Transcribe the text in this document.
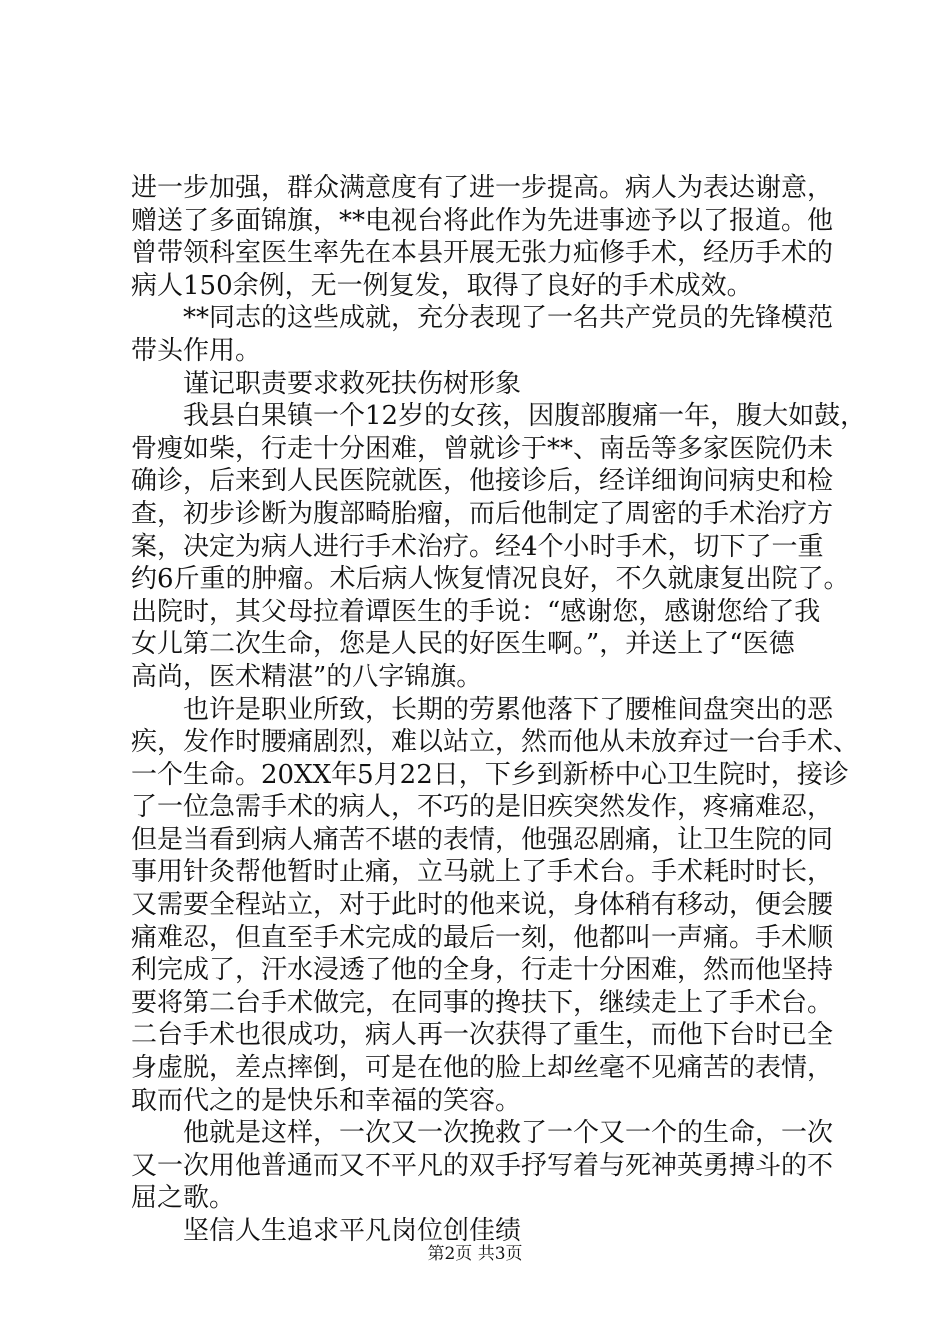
进一步加强，群众满意度有了进一步提高。病人为表达谢意，
赠送了多面锦旗，**电视台将此作为先进事迹予以了报道。他
曾带领科室医生率先在本县开展无张力疝修手术，经历手术的
病人150余例，无一例复发，取得了良好的手术成效。
　　**同志的这些成就，充分表现了一名共产党员的先锋模范
带头作用。
　　谨记职责要求救死扶伤树形象
　　我县白果镇一个12岁的女孩，因腹部腹痛一年，腹大如鼓，
骨瘦如柴，行走十分困难，曾就诊于**、南岳等多家医院仍未
确诊，后来到人民医院就医，他接诊后，经详细询问病史和检
查，初步诊断为腹部畸胎瘤，而后他制定了周密的手术治疗方
案，决定为病人进行手术治疗。经4个小时手术，切下了一重
约6斤重的肿瘤。术后病人恢复情况良好，不久就康复出院了。
出院时，其父母拉着谭医生的手说：“感谢您，感谢您给了我
女儿第二次生命，您是人民的好医生啊。”，并送上了“医德
高尚，医术精湛”的八字锦旗。
　　也许是职业所致，长期的劳累他落下了腰椎间盘突出的恶
疾，发作时腰痛剧烈，难以站立，然而他从未放弃过一台手术、
一个生命。20XX年5月22日，下乡到新桥中心卫生院时，接诊
了一位急需手术的病人，不巧的是旧疾突然发作，疼痛难忍，
但是当看到病人痛苦不堪的表情，他强忍剧痛，让卫生院的同
事用针灸帮他暂时止痛，立马就上了手术台。手术耗时时长，
又需要全程站立，对于此时的他来说，身体稍有移动，便会腰
痛难忍，但直至手术完成的最后一刻，他都叫一声痛。手术顺
利完成了，汗水浸透了他的全身，行走十分困难，然而他坚持
要将第二台手术做完，在同事的搀扶下，继续走上了手术台。
二台手术也很成功，病人再一次获得了重生，而他下台时已全
身虚脱，差点摔倒，可是在他的脸上却丝毫不见痛苦的表情，
取而代之的是快乐和幸福的笑容。
　　他就是这样，一次又一次挽救了一个又一个的生命，一次
又一次用他普通而又不平凡的双手抒写着与死神英勇搏斗的不
屈之歌。
　　坚信人生追求平凡岗位创佳绩
第2页 共3页
